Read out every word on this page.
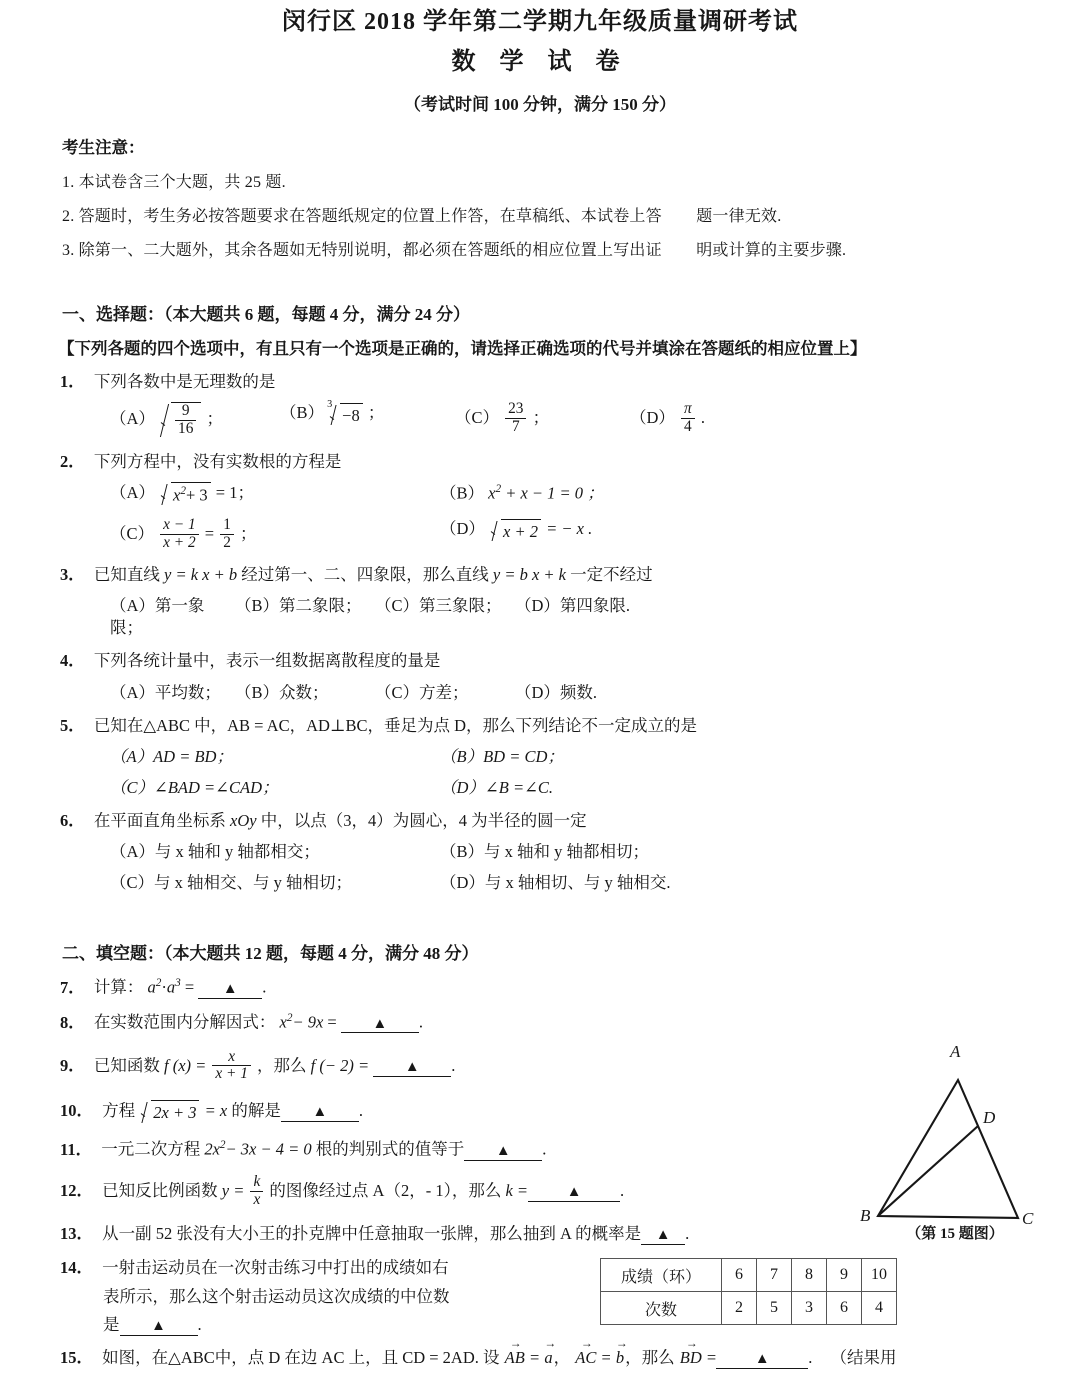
闵行区 2018 学年第二学期九年级质量调研考试
数 学 试 卷
（考试时间 100 分钟，满分 150 分）
考生注意：
1. 本试卷含三个大题，共 25 题.
2. 答题时，考生务必按答题要求在答题纸规定的位置上作答，在草稿纸、本试卷上答 题一律无效.
3. 除第一、二大题外，其余各题如无特别说明，都必须在答题纸的相应位置上写出证 明或计算的主要步骤.
一、选择题：（本大题共 6 题，每题 4 分，满分 24 分）
【下列各题的四个选项中，有且只有一个选项是正确的，请选择正确选项的代号并填涂在答题纸的相应位置上】
1． 下列各数中是无理数的是
$(A) \frac{9}{16}$ ；	（B） 3
−8 ；	$(C) \frac{23}{7}$ ；	$(D) \frac{\pi}{4}$ .
2． 下列方程中，没有实数根的方程是
（A） $x^2+ 3 = 1$；	（B） $x^2 + x - 1 = 0$ ；
$(C) \frac{x - 1}{x + 2} = \frac{1}{2}$ ；	（D） x + 2 = − x .
3． 已知直线 y = k x + b 经过第一、二、四象限，那么直线 y = b x + k 一定不经过
（A）第一象限；
（B）第二象限； （C）第三象限； （D）第四象限.
4． 下列各统计量中，表示一组数据离散程度的量是
（A）平均数； （B）众数；	（C）方差；	（D）频数.
5． 已知在△ABC 中，AB = AC，AD⊥BC，垂足为点 D，那么下列结论不一定成立的是
（A）AD = BD；	（B）BD = CD；
（C）∠BAD =∠CAD；	（D）∠B =∠C.
6． 在平面直角坐标系 xOy 中，以点（3，4）为圆心，4 为半径的圆一定
（A）与 x 轴和 y 轴都相交；	（B）与 x 轴和 y 轴都相切；
（C）与 x 轴相交、与 y 轴相切；	（D）与 x 轴相切、与 y 轴相交.
二、填空题：（本大题共 12 题，每题 4 分，满分 48 分）
7． 计算： $a^2\cdot a^3$ = ▲ .
8． 在实数范围内分解因式： $x^2- 9x$ = ▲ .
9． 已知函数 f $(x) = \frac{x}{x + 1}$ ，那么 f (− 2) = ▲ .
10． 方程 2x + 3 = x 的解是 ▲ .
11． 一元二次方程 $2x^2- 3x - 4 = 0$ 根的判别式的值等于 ▲ .
12． 已知反比例函数 $y = \frac{k}{x}$ 的图像经过点 A（2，- 1），那么 k =	▲ .
13． 从一副 52 张没有大小王的扑克牌中任意抽取一张牌，那么抽到 A 的概率是 ▲ .
14． 一射击运动员在一次射击练习中打出的成绩如右
表所示，那么这个射击运动员这次成绩的中位数
是 ▲ .
15． 如图，在△ABC中，点 D 在边 AC 上，且 CD = 2AD. 设 AB → = a →， AC → = b →，那么 BD → =	▲ . （结果用
成绩（环）	6	7	8	9	10
次数	2	5	3	6	4
A
B	C
D
（第 15 题图）
